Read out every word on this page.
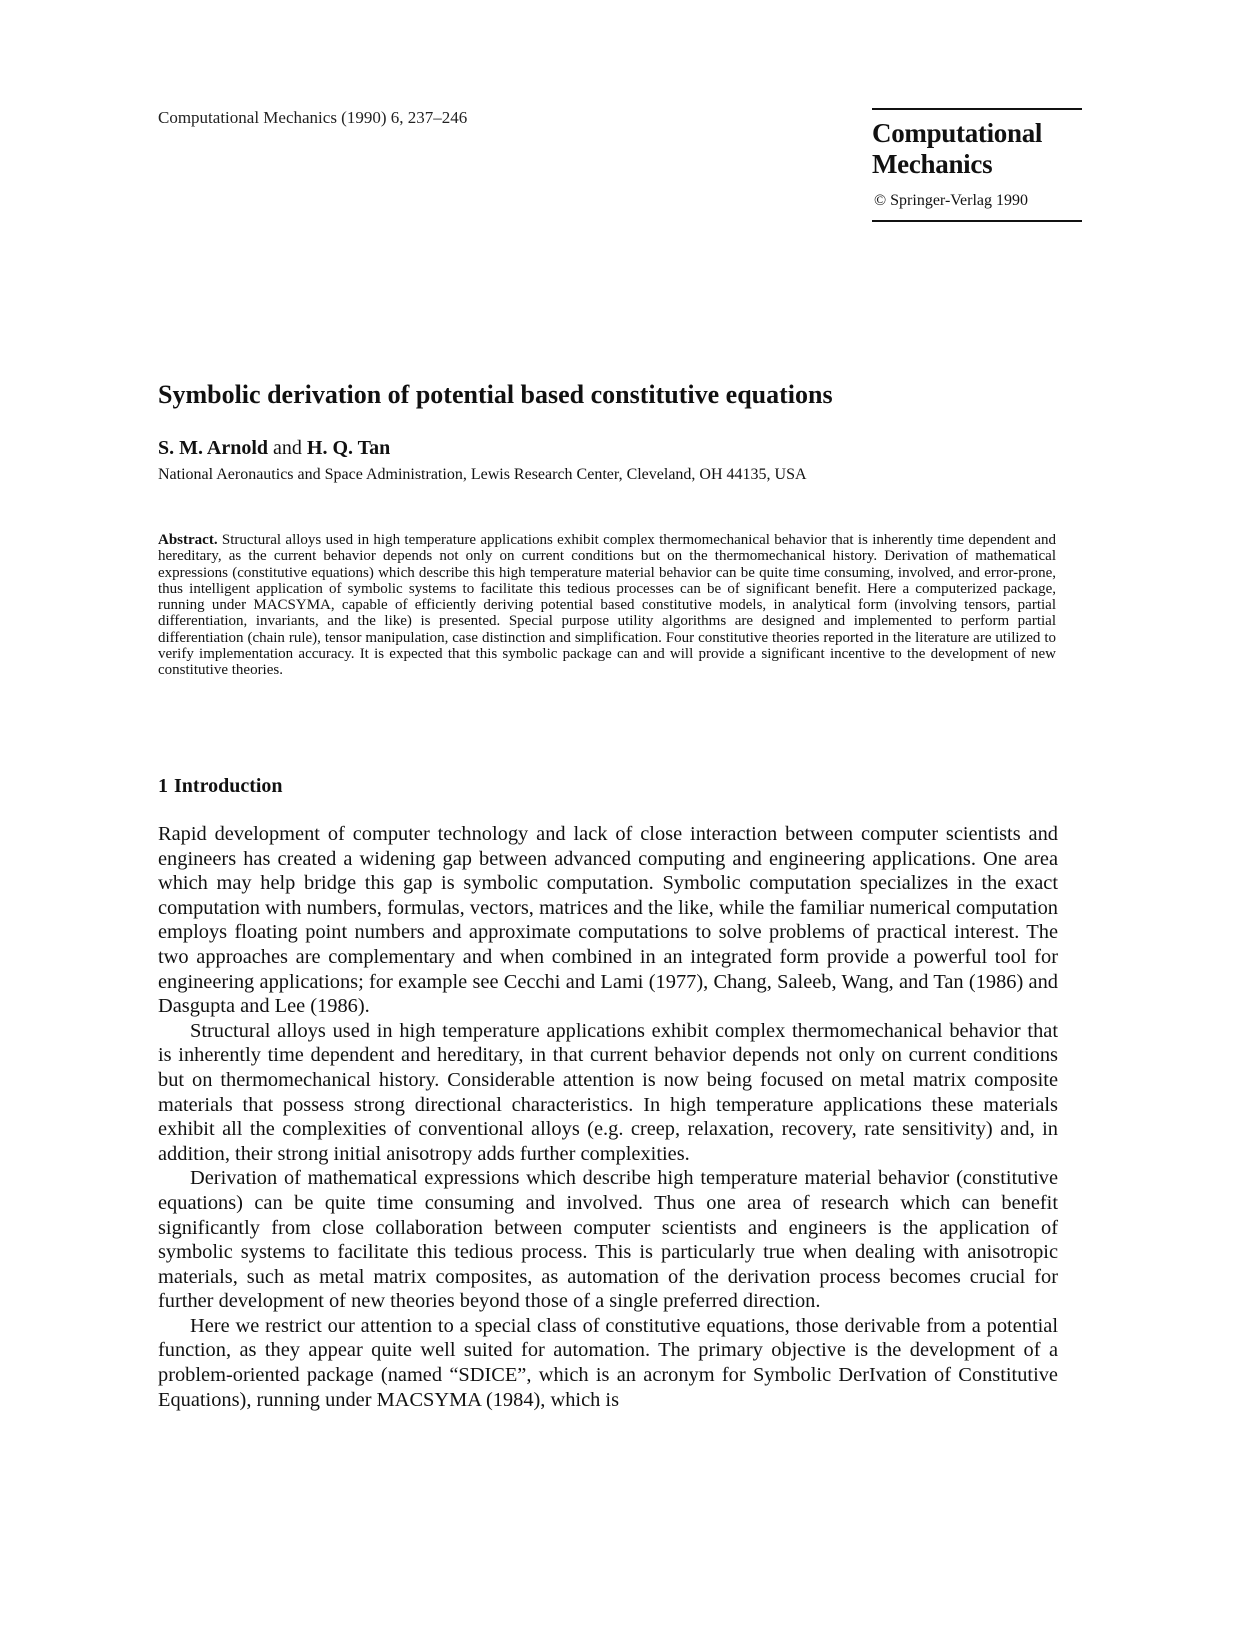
Computational Mechanics (1990) 6, 237–246
Computational
Mechanics
© Springer-Verlag 1990
Symbolic derivation of potential based constitutive equations
S. M. Arnold and H. Q. Tan
National Aeronautics and Space Administration, Lewis Research Center, Cleveland, OH 44135, USA

Abstract. Structural alloys used in high temperature applications exhibit complex thermomechanical behavior that is inherently time dependent and hereditary, as the current behavior depends not only on current conditions but on the thermomechanical history. Derivation of mathematical expressions (constitutive equations) which describe this high temperature material behavior can be quite time consuming, involved, and error-prone, thus intelligent application of symbolic systems to facilitate this tedious processes can be of significant benefit. Here a computerized package, running under MACSYMA, capable of efficiently deriving potential based constitutive models, in analytical form (involving tensors, partial differentiation, invariants, and the like) is presented. Special purpose utility algorithms are designed and implemented to perform partial differentiation (chain rule), tensor manipulation, case distinction and simplification. Four constitutive theories reported in the literature are utilized to verify implementation accuracy. It is expected that this symbolic package can and will provide a significant incentive to the development of new constitutive theories.

1 Introduction

Rapid development of computer technology and lack of close interaction between computer scientists and engineers has created a widening gap between advanced computing and engineering applications. One area which may help bridge this gap is symbolic computation. Symbolic computation specializes in the exact computation with numbers, formulas, vectors, matrices and the like, while the familiar numerical computation employs floating point numbers and approximate computations to solve problems of practical interest. The two approaches are complementary and when combined in an integrated form provide a powerful tool for engineering applications; for example see Cecchi and Lami (1977), Chang, Saleeb, Wang, and Tan (1986) and Dasgupta and Lee (1986).

Structural alloys used in high temperature applications exhibit complex thermomechanical behavior that is inherently time dependent and hereditary, in that current behavior depends not only on current conditions but on thermomechanical history. Considerable attention is now being focused on metal matrix composite materials that possess strong directional characteristics. In high temperature applications these materials exhibit all the complexities of conventional alloys (e.g. creep, relaxation, recovery, rate sensitivity) and, in addition, their strong initial anisotropy adds further complexities.

Derivation of mathematical expressions which describe high temperature material behavior (constitutive equations) can be quite time consuming and involved. Thus one area of research which can benefit significantly from close collaboration between computer scientists and engineers is the application of symbolic systems to facilitate this tedious process. This is particularly true when dealing with anisotropic materials, such as metal matrix composites, as automation of the derivation process becomes crucial for further development of new theories beyond those of a single preferred direction.

Here we restrict our attention to a special class of constitutive equations, those derivable from a potential function, as they appear quite well suited for automation. The primary objective is the development of a problem-oriented package (named “SDICE”, which is an acronym for Symbolic DerIvation of Constitutive Equations), running under MACSYMA (1984), which is
